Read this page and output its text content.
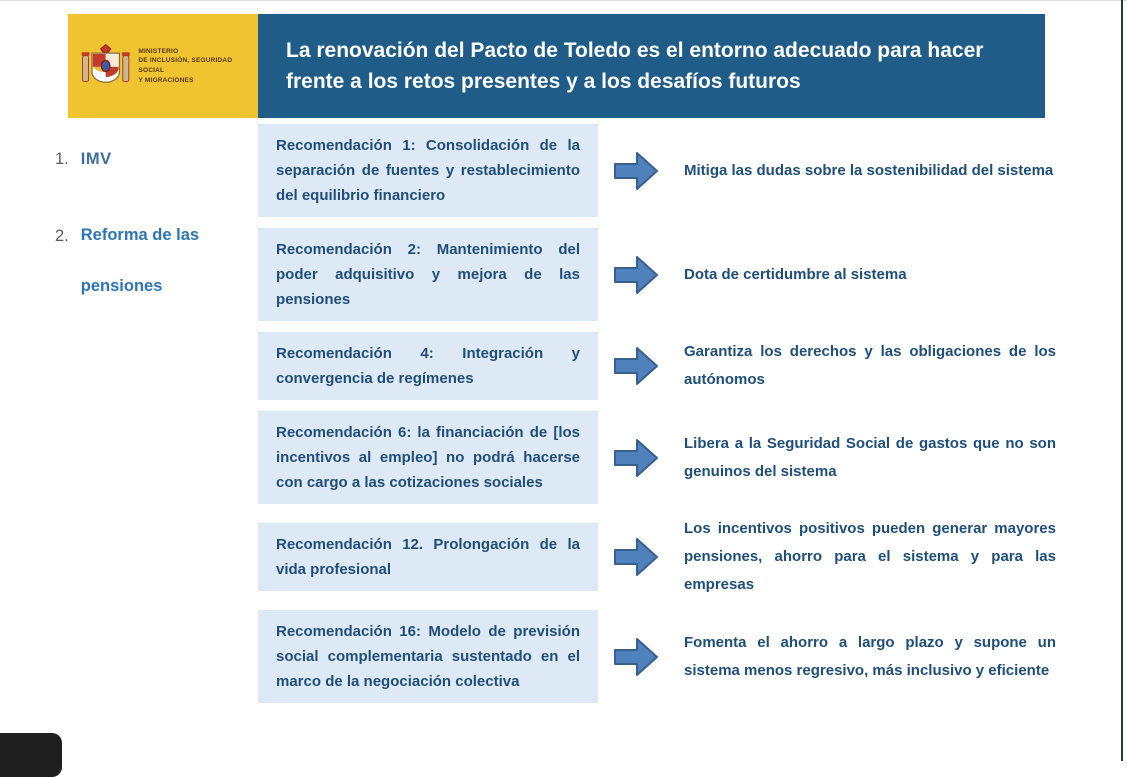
MINISTERIO
DE INCLUSIÓN, SEGURIDAD SOCIAL
Y MIGRACIONES
La renovación del Pacto de Toledo es el entorno adecuado para hacer frente a los retos presentes y a los desafíos futuros
1. IMV
2. Reforma de las pensiones

Recomendación 1: Consolidación de la separación de fuentes y restablecimiento del equilibrio financiero

Mitiga las dudas sobre la sostenibilidad del sistema

Recomendación 2: Mantenimiento del poder adquisitivo y mejora de las pensiones

Dota de certidumbre al sistema

Recomendación 4: Integración y convergencia de regímenes

Garantiza los derechos y las obligaciones de los autónomos

Recomendación 6: la financiación de [los incentivos al empleo] no podrá hacerse con cargo a las cotizaciones sociales

Libera a la Seguridad Social de gastos que no son genuinos del sistema

Recomendación 12. Prolongación de la vida profesional

Los incentivos positivos pueden generar mayores pensiones, ahorro para el sistema y para las empresas

Recomendación 16: Modelo de previsión social complementaria sustentado en el marco de la negociación colectiva

Fomenta el ahorro a largo plazo y supone un sistema menos regresivo, más inclusivo y eficiente
